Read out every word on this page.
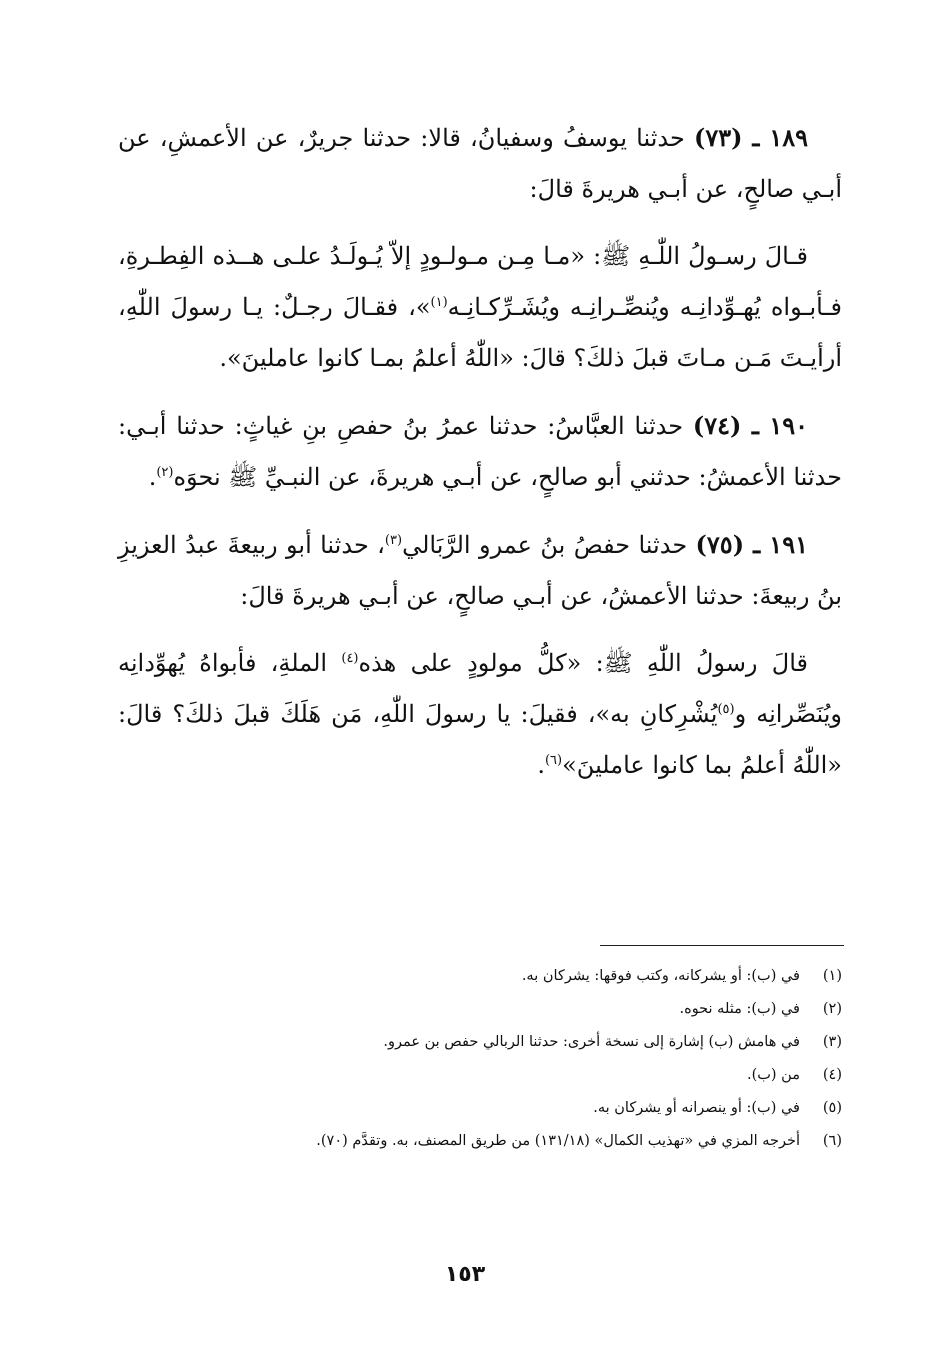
١٨٩ ـ (٧٣) حدثنا يوسفُ وسفيانُ، قالا: حدثنا جريرٌ، عن الأعمشِ، عن أبـي صالحٍ، عن أبـي هريرةَ قالَ:

قـالَ رسـولُ اللّٰـهِ ﷺ: «مـا مِـن مـولـودٍ إلاّ يُـولَـدُ علـى هــذه الفِطـرةِ، فـأبـواه يُهـوِّدانِـه ويُنصِّـرانِـه ويُشَـرِّكـانِـه$^{(١)}$»، فقـالَ رجـلٌ: يـا رسولَ اللّٰهِ، أرأيـتَ مَـن مـاتَ قبلَ ذلكَ؟ قالَ: «اللّٰهُ أعلمُ بمـا كانوا عاملينَ».

١٩٠ ـ (٧٤) حدثنا العبَّاسُ: حدثنا عمرُ بنُ حفصِ بنِ غياثٍ: حدثنا أبـي: حدثنا الأعمشُ: حدثني أبو صالحٍ، عن أبـي هريرةَ، عن النبـيِّ ﷺ نحوَه$^{(٢)}$.

١٩١ ـ (٧٥) حدثنا حفصُ بنُ عمرو الرَّبَالي$^{(٣)}$، حدثنا أبو ربيعةَ عبدُ العزيزِ بنُ ربيعةَ: حدثنا الأعمشُ، عن أبـي صالحٍ، عن أبـي هريرةَ قالَ:

قالَ رسولُ اللّٰهِ ﷺ: «كلُّ مولودٍ على هذه$^{(٤)}$ الملةِ، فأبواهُ يُهوِّدانِه ويُنَصِّرانِه و$^{(٥)}$يُشْرِكانِ به»، فقيلَ: يا رسولَ اللّٰهِ، مَن هَلَكَ قبلَ ذلكَ؟ قالَ: «اللّٰهُ أعلمُ بما كانوا عاملينَ»$^{(٦)}$.

(١)
في (ب): أو يشركانه، وكتب فوقها: يشركان به.
(٢)
في (ب): مثله نحوه.
(٣)
في هامش (ب) إشارة إلى نسخة أخرى: حدثنا الربالي حفص بن عمرو.
(٤)
من (ب).
(٥)
في (ب): أو ينصرانه أو يشركان به.
(٦)
أخرجه المزي في «تهذيب الكمال» (١٣١/١٨) من طريق المصنف، به. وتقدَّم (٧٠).
١٥٣
